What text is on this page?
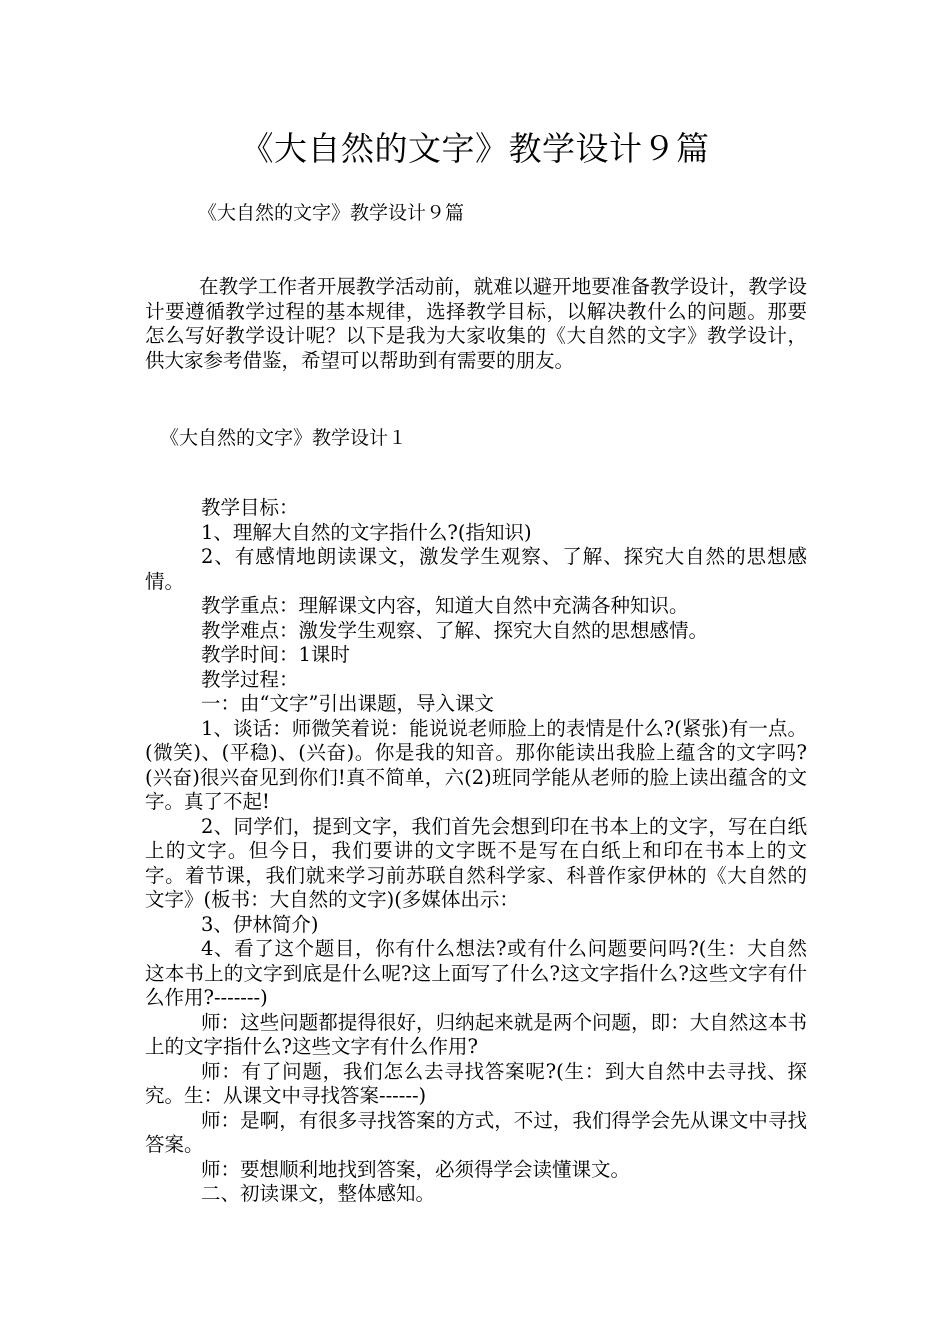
《大自然的文字》教学设计９篇
《大自然的文字》教学设计９篇

在教学工作者开展教学活动前，就难以避开地要准备教学设计，教学设计要遵循教学过程的基本规律，选择教学目标，以解决教什么的问题。那要怎么写好教学设计呢？以下是我为大家收集的《大自然的文字》教学设计，供大家参考借鉴，希望可以帮助到有需要的朋友。

《大自然的文字》教学设计１

教学目标：

1、理解大自然的文字指什么?(指知识)

2、有感情地朗读课文，激发学生观察、了解、探究大自然的思想感情。

教学重点：理解课文内容，知道大自然中充满各种知识。

教学难点：激发学生观察、了解、探究大自然的思想感情。

教学时间：1课时

教学过程：

一：由“文字”引出课题，导入课文

1、谈话：师微笑着说：能说说老师脸上的表情是什么?(紧张)有一点。(微笑)、(平稳)、(兴奋)。你是我的知音。那你能读出我脸上蕴含的文字吗?(兴奋)很兴奋见到你们!真不简单，六(2)班同学能从老师的脸上读出蕴含的文字。真了不起!

2、同学们，提到文字，我们首先会想到印在书本上的文字，写在白纸上的文字。但今日，我们要讲的文字既不是写在白纸上和印在书本上的文字。着节课，我们就来学习前苏联自然科学家、科普作家伊林的《大自然的文字》(板书：大自然的文字)(多媒体出示：

3、伊林简介)

4、看了这个题目，你有什么想法?或有什么问题要问吗?(生：大自然这本书上的文字到底是什么呢?这上面写了什么?这文字指什么?这些文字有什么作用?-------)

师：这些问题都提得很好，归纳起来就是两个问题，即：大自然这本书上的文字指什么?这些文字有什么作用?

师：有了问题，我们怎么去寻找答案呢?(生：到大自然中去寻找、探究。生：从课文中寻找答案------)

师：是啊，有很多寻找答案的方式，不过，我们得学会先从课文中寻找答案。

师：要想顺利地找到答案，必须得学会读懂课文。

二、初读课文，整体感知。
